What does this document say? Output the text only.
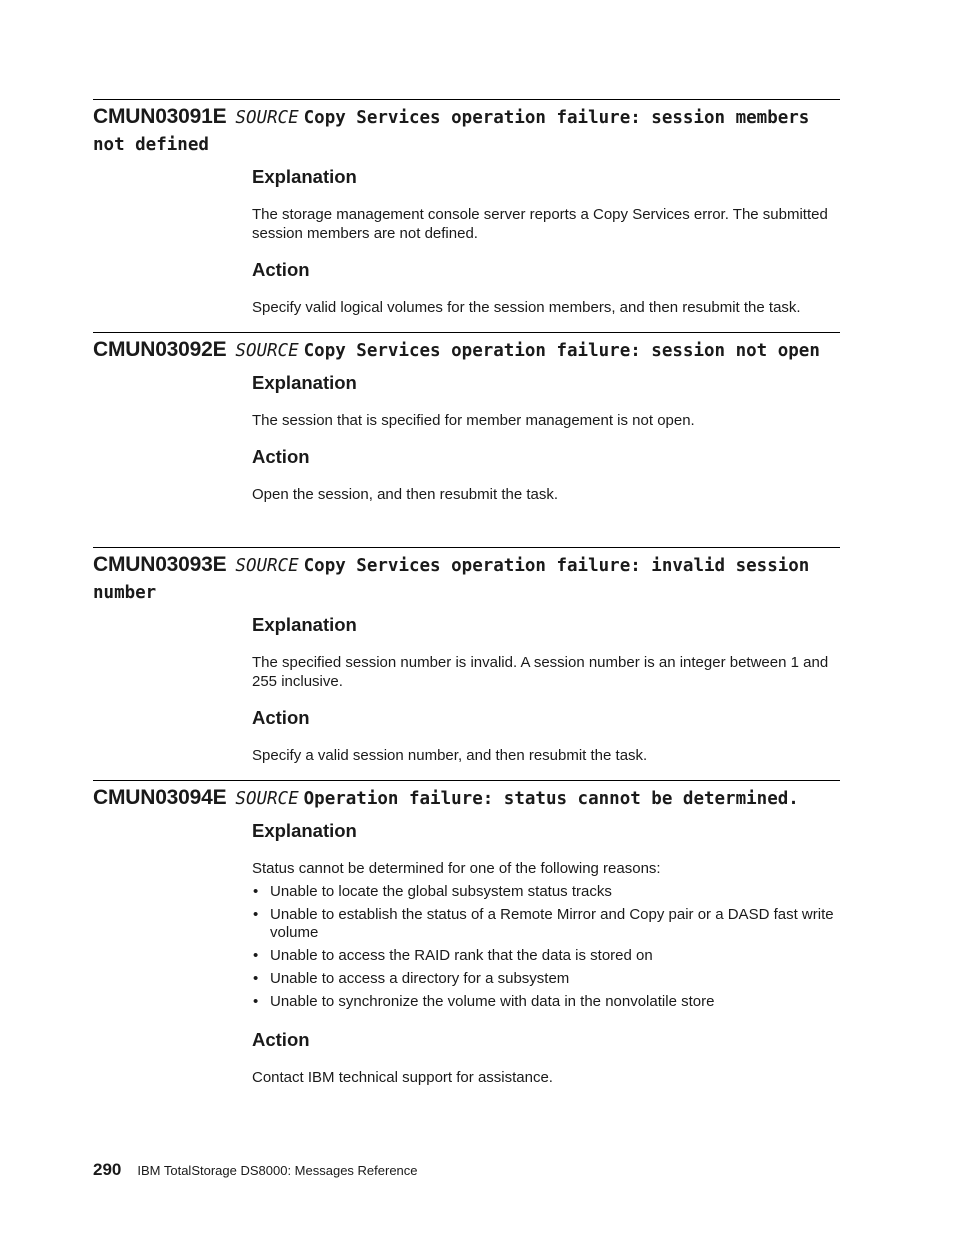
CMUN03091E SOURCE Copy Services operation failure: session members not defined
Explanation

The storage management console server reports a Copy Services error. The submitted session members are not defined.

Action

Specify valid logical volumes for the session members, and then resubmit the task.

CMUN03092E SOURCE Copy Services operation failure: session not open
Explanation

The session that is specified for member management is not open.

Action

Open the session, and then resubmit the task.

CMUN03093E SOURCE Copy Services operation failure: invalid session number
Explanation

The specified session number is invalid. A session number is an integer between 1 and 255 inclusive.

Action

Specify a valid session number, and then resubmit the task.

CMUN03094E SOURCE Operation failure: status cannot be determined.
Explanation

Status cannot be determined for one of the following reasons:

• Unable to locate the global subsystem status tracks
• Unable to establish the status of a Remote Mirror and Copy pair or a DASD fast write volume
• Unable to access the RAID rank that the data is stored on
• Unable to access a directory for a subsystem
• Unable to synchronize the volume with data in the nonvolatile store
Action

Contact IBM technical support for assistance.

290 IBM TotalStorage DS8000: Messages Reference
